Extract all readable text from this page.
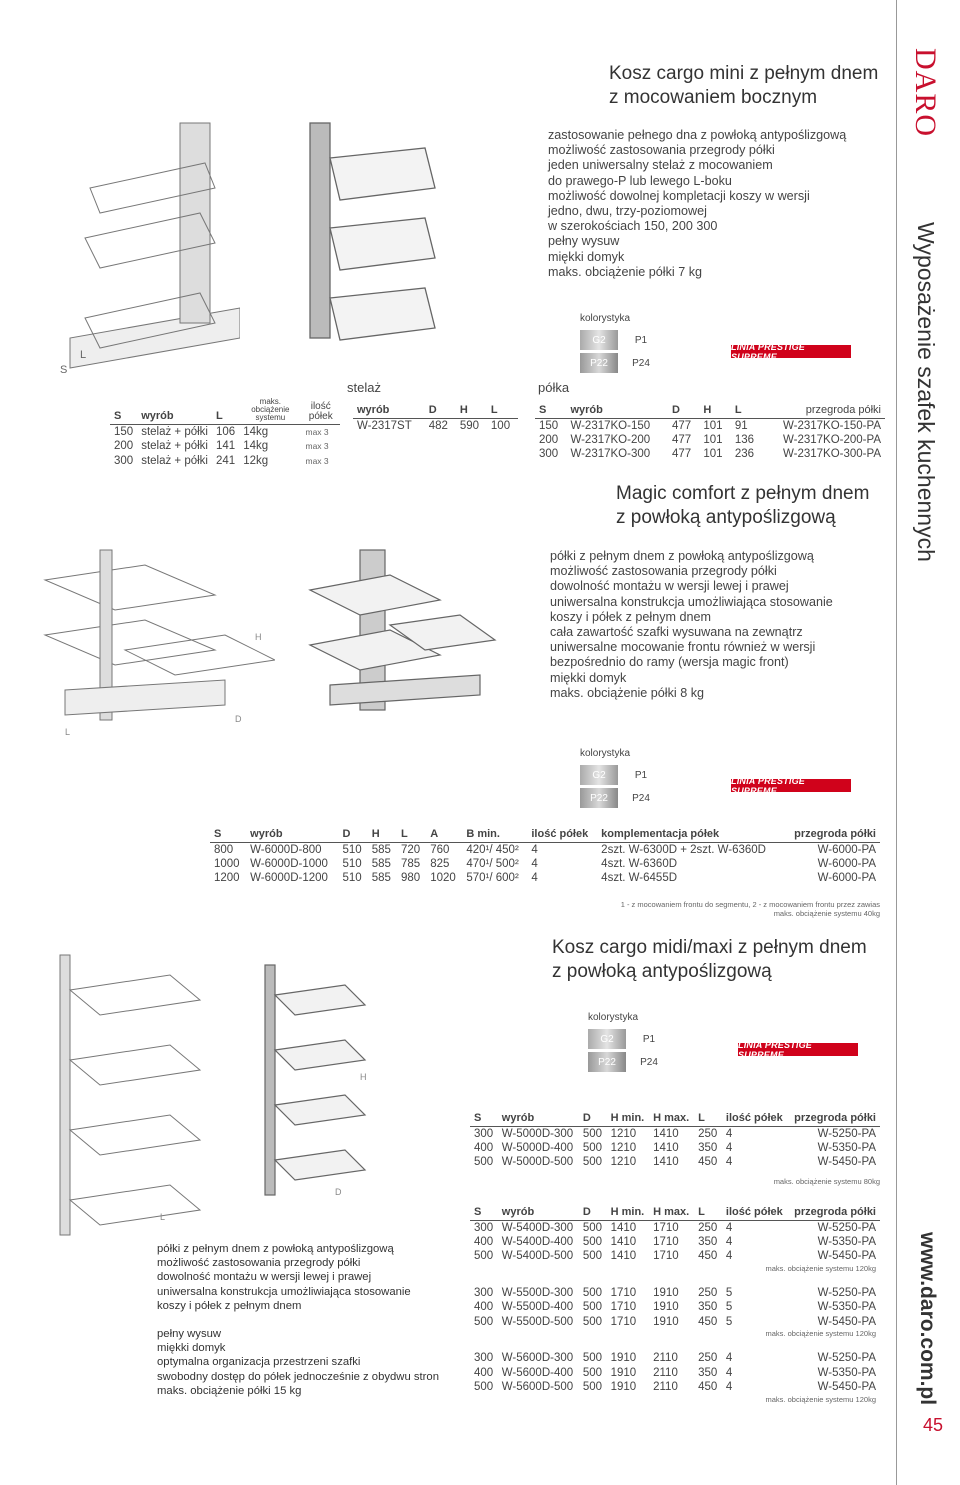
DARO
Wyposażenie szafek kuchennych
www.daro.com.pl
45
Kosz cargo mini z pełnym dnem
z mocowaniem bocznym
zastosowanie pełnego dna z powłoką antypoślizgową
możliwość zastosowania przegrody półki
jeden uniwersalny stelaż z mocowaniem
do prawego-P lub lewego L-boku
możliwość dowolnej kompletacji koszy w wersji
jedno, dwu, trzy-poziomowej
w szerokościach 150, 200 300
pełny wysuw
miękki domyk
maks. obciążenie półki 7 kg
S
L
kolorystyka
G2	P1
P22	P24
LINIA PRESTIGE SUPREME
stelaż	półka
S	wyrób	L	maks. obciążenie systemu	ilość półek

150	stelaż + półki	106	14kg	max 3
200	stelaż + półki	141	14kg	max 3
300	stelaż + półki	241	12kg	max 3
wyrób	D	H	L
W-2317ST	482	590	100
S	wyrób	D	H	L	przegroda półki
150	W-2317KO-150	477	101	91	W-2317KO-150-PA
200	W-2317KO-200	477	101	136	W-2317KO-200-PA
300	W-2317KO-300	477	101	236	W-2317KO-300-PA
Magic comfort z pełnym dnem
z powłoką antypoślizgową
półki z pełnym dnem z powłoką antypoślizgową
możliwość zastosowania przegrody półki
dowolność montażu w wersji lewej i prawej
uniwersalna konstrukcja umożliwiająca stosowanie
koszy i półek z pełnym dnem
cała zawartość szafki wysuwana na zewnątrz
uniwersalne mocowanie frontu również w wersji
bezpośrednio do ramy (wersja magic front)
miękki domyk
maks. obciążenie półki 8 kg
H
L
D
kolorystyka
G2	P1
P22	P24
LINIA PRESTIGE SUPREME
S	wyrób	D	H	L	A	B min.	ilość półek	komplementacja półek	przegroda półki
800	W-6000D-800	510	585	720	760	420¹/ 450²	4	2szt. W-6300D + 2szt. W-6360D	W-6000-PA
1000	W-6000D-1000	510	585	785	825	470¹/ 500²	4	4szt. W-6360D	W-6000-PA
1200	W-6000D-1200	510	585	980	1020	570¹/ 600²	4	4szt. W-6455D	W-6000-PA
1 - z mocowaniem frontu do segmentu, 2 - z mocowaniem frontu przez zawias
maks. obciążenie systemu 40kg
Kosz cargo midi/maxi z pełnym dnem
z powłoką antypoślizgową
kolorystyka
G2	P1
P22	P24
LINIA PRESTIGE SUPREME
L
D
H
półki z pełnym dnem z powłoką antypoślizgową
możliwość zastosowania przegrody półki
dowolność montażu w wersji lewej i prawej
uniwersalna konstrukcja umożliwiająca stosowanie
koszy i półek z pełnym dnem
pełny wysuw
miękki domyk
optymalna organizacja przestrzeni szafki
swobodny dostęp do półek jednocześnie z obydwu stron
maks. obciążenie półki 15 kg
S	wyrób	D	H min.	H max.	L	ilość półek	przegroda półki
300	W-5000D-300	500	1210	1410	250	4	W-5250-PA
400	W-5000D-400	500	1210	1410	350	4	W-5350-PA
500	W-5000D-500	500	1210	1410	450	4	W-5450-PA
maks. obciążenie systemu 80kg
S	wyrób	D	H min.	H max.	L	ilość półek	przegroda półki
300	W-5400D-300	500	1410	1710	250	4	W-5250-PA
400	W-5400D-400	500	1410	1710	350	4	W-5350-PA
500	W-5400D-500	500	1410	1710	450	4	W-5450-PA
maks. obciążenie systemu 120kg							
300	W-5500D-300	500	1710	1910	250	5	W-5250-PA
400	W-5500D-400	500	1710	1910	350	5	W-5350-PA
500	W-5500D-500	500	1710	1910	450	5	W-5450-PA
maks. obciążenie systemu 120kg							
300	W-5600D-300	500	1910	2110	250	4	W-5250-PA
400	W-5600D-400	500	1910	2110	350	4	W-5350-PA
500	W-5600D-500	500	1910	2110	450	4	W-5450-PA
maks. obciążenie systemu 120kg							
